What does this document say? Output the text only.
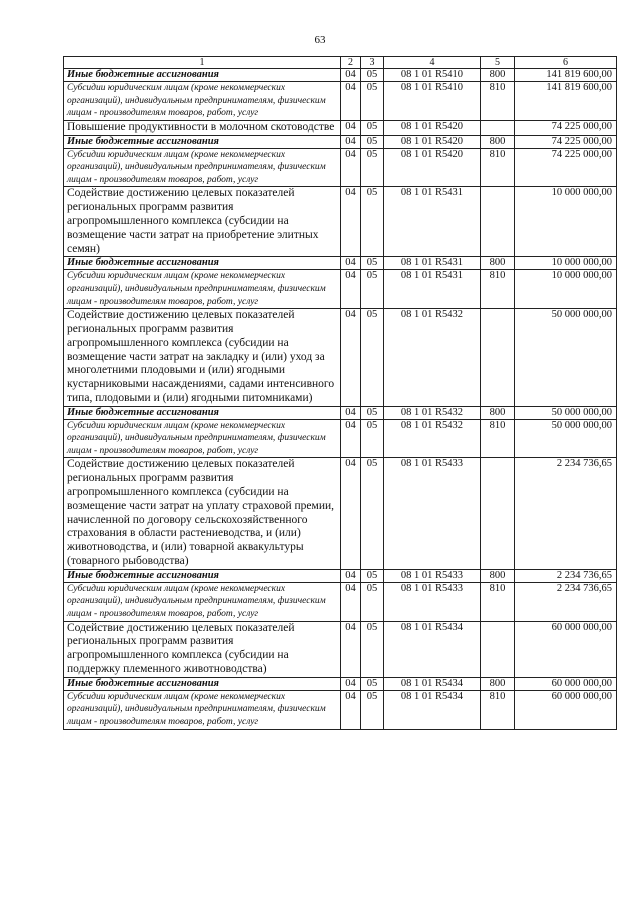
63
1	2	3	4	5	6
Иные бюджетные ассигнования	04	05	08 1 01 R5410	800	141 819 600,00
Субсидии юридическим лицам (кроме некоммерческих организаций), индивидуальным предпринимателям, физическим лицам - производителям товаров, работ, услуг	04	05	08 1 01 R5410	810	141 819 600,00
Повышение продуктивности в молочном скотоводстве	04	05	08 1 01 R5420		74 225 000,00
Иные бюджетные ассигнования	04	05	08 1 01 R5420	800	74 225 000,00
Субсидии юридическим лицам (кроме некоммерческих организаций), индивидуальным предпринимателям, физическим лицам - производителям товаров, работ, услуг	04	05	08 1 01 R5420	810	74 225 000,00
Содействие достижению целевых показателей региональных программ развития агропромышленного комплекса (субсидии на возмещение части затрат на приобретение элитных семян)	04	05	08 1 01 R5431		10 000 000,00
Иные бюджетные ассигнования	04	05	08 1 01 R5431	800	10 000 000,00
Субсидии юридическим лицам (кроме некоммерческих организаций), индивидуальным предпринимателям, физическим лицам - производителям товаров, работ, услуг	04	05	08 1 01 R5431	810	10 000 000,00
Содействие достижению целевых показателей региональных программ развития агропромышленного комплекса (субсидии на возмещение части затрат на закладку и (или) уход за многолетними плодовыми и (или) ягодными кустарниковыми насаждениями, садами интенсивного типа, плодовыми и (или) ягодными питомниками)	04	05	08 1 01 R5432		50 000 000,00
Иные бюджетные ассигнования	04	05	08 1 01 R5432	800	50 000 000,00
Субсидии юридическим лицам (кроме некоммерческих организаций), индивидуальным предпринимателям, физическим лицам - производителям товаров, работ, услуг	04	05	08 1 01 R5432	810	50 000 000,00
Содействие достижению целевых показателей региональных программ развития агропромышленного комплекса (субсидии на возмещение части затрат на уплату страховой премии, начисленной по договору сельскохозяйственного страхования в области растениеводства, и (или) животноводства, и (или) товарной аквакультуры (товарного рыбоводства)	04	05	08 1 01 R5433		2 234 736,65
Иные бюджетные ассигнования	04	05	08 1 01 R5433	800	2 234 736,65
Субсидии юридическим лицам (кроме некоммерческих организаций), индивидуальным предпринимателям, физическим лицам - производителям товаров, работ, услуг	04	05	08 1 01 R5433	810	2 234 736,65
Содействие достижению целевых показателей региональных программ развития агропромышленного комплекса (субсидии на поддержку племенного животноводства)	04	05	08 1 01 R5434		60 000 000,00
Иные бюджетные ассигнования	04	05	08 1 01 R5434	800	60 000 000,00
Субсидии юридическим лицам (кроме некоммерческих организаций), индивидуальным предпринимателям, физическим лицам - производителям товаров, работ, услуг	04	05	08 1 01 R5434	810	60 000 000,00
